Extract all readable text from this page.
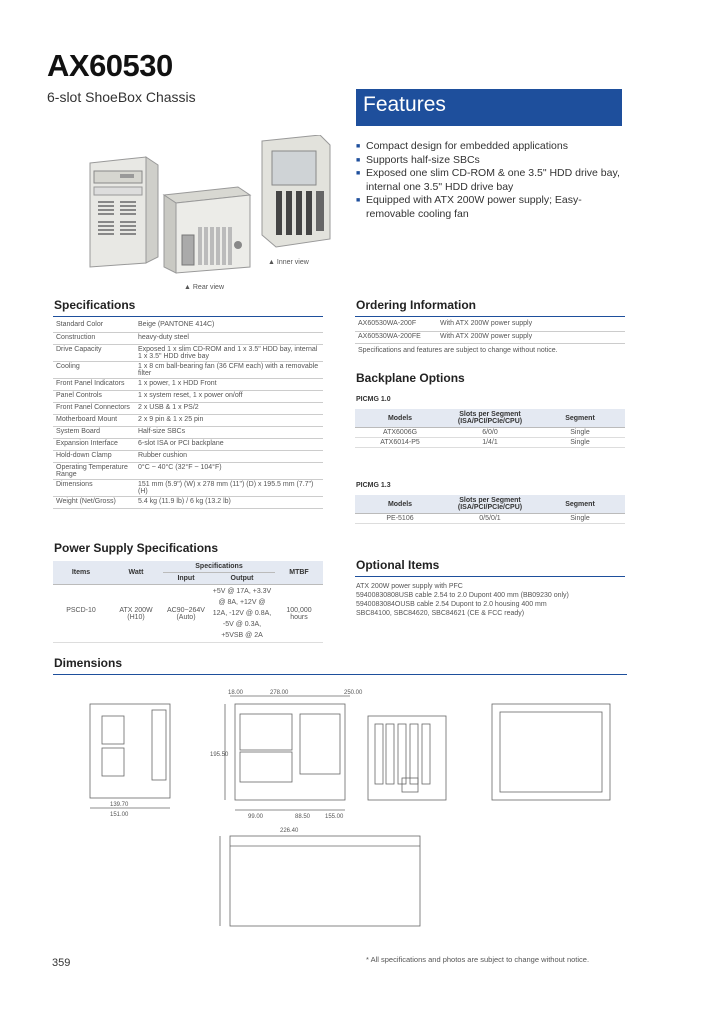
AX60530
6-slot ShoeBox Chassis	Features
■ Compact design for embedded applications
■ Supports half-size SBCs
■ Exposed one slim CD-ROM & one 3.5" HDD drive bay, internal one 3.5" HDD drive bay
■ Equipped with ATX 200W power supply; Easy-removable cooling fan
▲ Rear view
▲ Inner view
Specifications
Standard Color	Beige (PANTONE 414C)
Construction	heavy-duty steel
Drive Capacity	Exposed 1 x slim CD-ROM and 1 x 3.5" HDD bay, internal 1 x 3.5" HDD drive bay
Cooling	1 x 8 cm ball-bearing fan (36 CFM each) with a removable filter
Front Panel Indicators	1 x power, 1 x HDD Front
Panel Controls	1 x system reset, 1 x power on/off
Front Panel Connectors	2 x USB & 1 x PS/2
Motherboard Mount	2 x 9 pin & 1 x 25 pin
System Board	Half-size SBCs
Expansion Interface	6-slot ISA or PCI backplane
Hold-down Clamp	Rubber cushion
Operating Temperature Range	0°C ~ 40°C (32°F ~ 104°F)
Dimensions	151 mm (5.9") (W) x 278 mm (11") (D) x 195.5 mm (7.7") (H)
Weight (Net/Gross)	5.4 kg (11.9 lb) / 6 kg (13.2 lb)
Power Supply Specifications
Items	Watt	Specifications		MTBF
		Input	Output	
PSCD-10	ATX 200W (H10)	AC90~264V (Auto)	+5V @ 17A, +3.3V @ 8A, +12V @ 12A, -12V @ 0.8A, -5V @ 0.3A, +5VSB @ 2A	100,000 hours
Ordering Information
AX60530WA-200F	With ATX 200W power supply
AX60530WA-200FE	With ATX 200W power supply
Specifications and features are subject to change without notice.
Backplane Options
PICMG 1.0
Models	Slots per Segment (ISA/PCI/PCIe/CPU)	Segment
ATX6006G	6/0/0	Single
ATX6014-P5	1/4/1	Single
PICMG 1.3
Models	Slots per Segment (ISA/PCI/PCIe/CPU)	Segment
PE-5106	0/5/0/1	Single
Optional Items
ATX 200W power supply with PFC
59400830808USB cable 2.54 to 2.0 Dupont 400 mm (BB09230 only)
5940083084OUSB cable 2.54 Dupont to 2.0 housing 400 mm
SBC84100, SBC84620, SBC84621 (CE & FCC ready)
Dimensions
139.70
151.00
278.00
195.50
18.00	250.00
99.00	88.50 155.00
226.40
359	* All specifications and photos are subject to change without notice.
